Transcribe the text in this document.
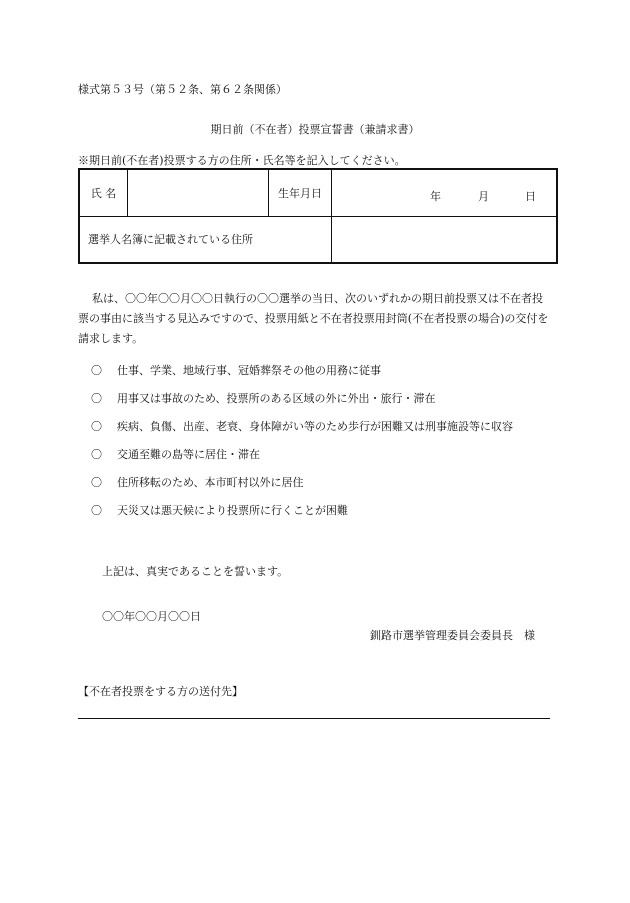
様式第５３号（第５２条、第６２条関係）
期日前（不在者）投票宣誓書（兼請求書）
※期日前(不在者)投票する方の住所・氏名等を記入してください。
氏 名		生年月日	年 月 日

選挙人名簿に記載されている住所			
私は、〇〇年〇〇月〇〇日執行の〇〇選挙の当日、次のいずれかの期日前投票又は不在者投票の事由に該当する見込みですので、投票用紙と不在者投票用封筒(不在者投票の場合)の交付を請求します。
〇 仕事、学業、地域行事、冠婚葬祭その他の用務に従事
〇 用事又は事故のため、投票所のある区域の外に外出・旅行・滞在
〇 疾病、負傷、出産、老衰、身体障がい等のため歩行が困難又は刑事施設等に収容
〇 交通至難の島等に居住・滞在
〇 住所移転のため、本市町村以外に居住
〇 天災又は悪天候により投票所に行くことが困難
上記は、真実であることを誓います。
〇〇年〇〇月〇〇日
釧路市選挙管理委員会委員長　様
【不在者投票をする方の送付先】
